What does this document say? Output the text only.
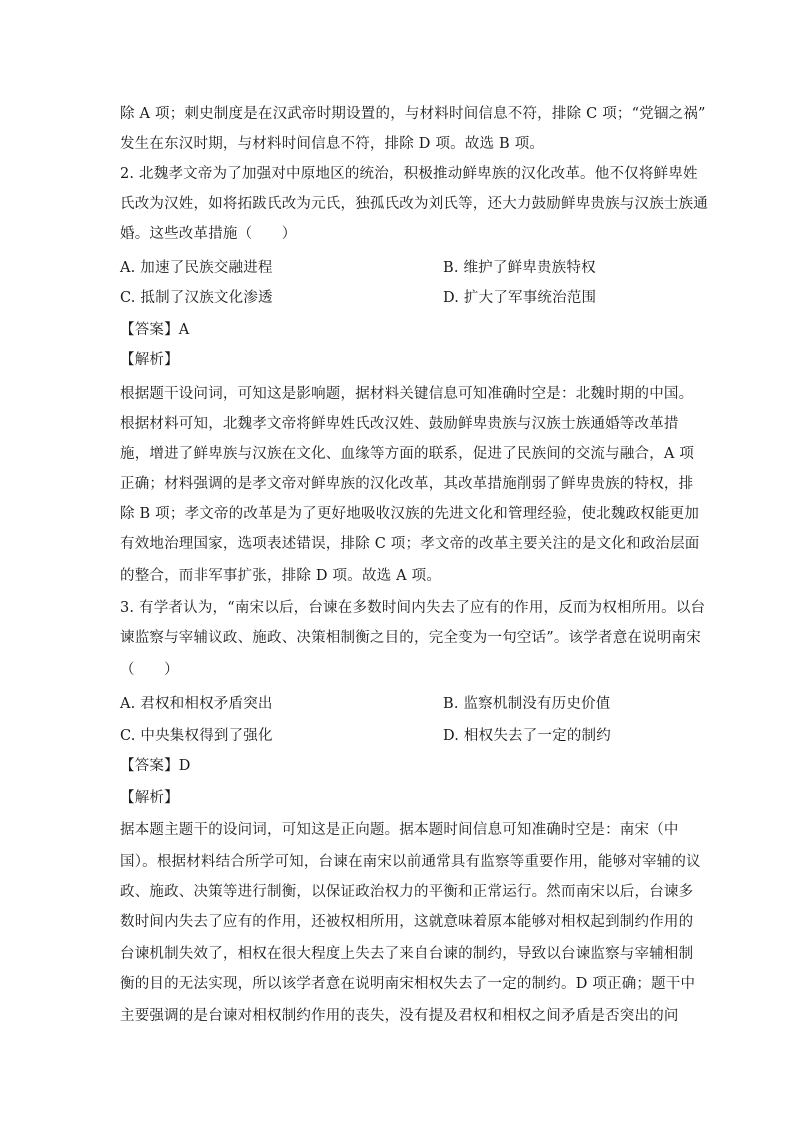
除 A 项；刺史制度是在汉武帝时期设置的，与材料时间信息不符，排除 C 项；“党锢之祸”
发生在东汉时期，与材料时间信息不符，排除 D 项。故选 B 项。
2. 北魏孝文帝为了加强对中原地区的统治，积极推动鲜卑族的汉化改革。他不仅将鲜卑姓
氏改为汉姓，如将拓跋氏改为元氏，独孤氏改为刘氏等，还大力鼓励鲜卑贵族与汉族士族通
婚。这些改革措施（　　）
A. 加速了民族交融进程	B. 维护了鲜卑贵族特权
C. 抵制了汉族文化渗透	D. 扩大了军事统治范围
【答案】A
【解析】
根据题干设问词，可知这是影响题，据材料关键信息可知准确时空是：北魏时期的中国。
根据材料可知，北魏孝文帝将鲜卑姓氏改汉姓、鼓励鲜卑贵族与汉族士族通婚等改革措
施，增进了鲜卑族与汉族在文化、血缘等方面的联系，促进了民族间的交流与融合，A 项
正确；材料强调的是孝文帝对鲜卑族的汉化改革，其改革措施削弱了鲜卑贵族的特权，排
除 B 项；孝文帝的改革是为了更好地吸收汉族的先进文化和管理经验，使北魏政权能更加
有效地治理国家，选项表述错误，排除 C 项；孝文帝的改革主要关注的是文化和政治层面
的整合，而非军事扩张，排除 D 项。故选 A 项。
3. 有学者认为，“南宋以后，台谏在多数时间内失去了应有的作用，反而为权相所用。以台
谏监察与宰辅议政、施政、决策相制衡之目的，完全变为一句空话”。该学者意在说明南宋
（　　）
A. 君权和相权矛盾突出	B. 监察机制没有历史价值
C. 中央集权得到了强化	D. 相权失去了一定的制约
【答案】D
【解析】
据本题主题干的设问词，可知这是正向题。据本题时间信息可知准确时空是：南宋（中
国）。根据材料结合所学可知，台谏在南宋以前通常具有监察等重要作用，能够对宰辅的议
政、施政、决策等进行制衡，以保证政治权力的平衡和正常运行。然而南宋以后，台谏多
数时间内失去了应有的作用，还被权相所用，这就意味着原本能够对相权起到制约作用的
台谏机制失效了，相权在很大程度上失去了来自台谏的制约，导致以台谏监察与宰辅相制
衡的目的无法实现，所以该学者意在说明南宋相权失去了一定的制约。D 项正确；题干中
主要强调的是台谏对相权制约作用的丧失，没有提及君权和相权之间矛盾是否突出的问
